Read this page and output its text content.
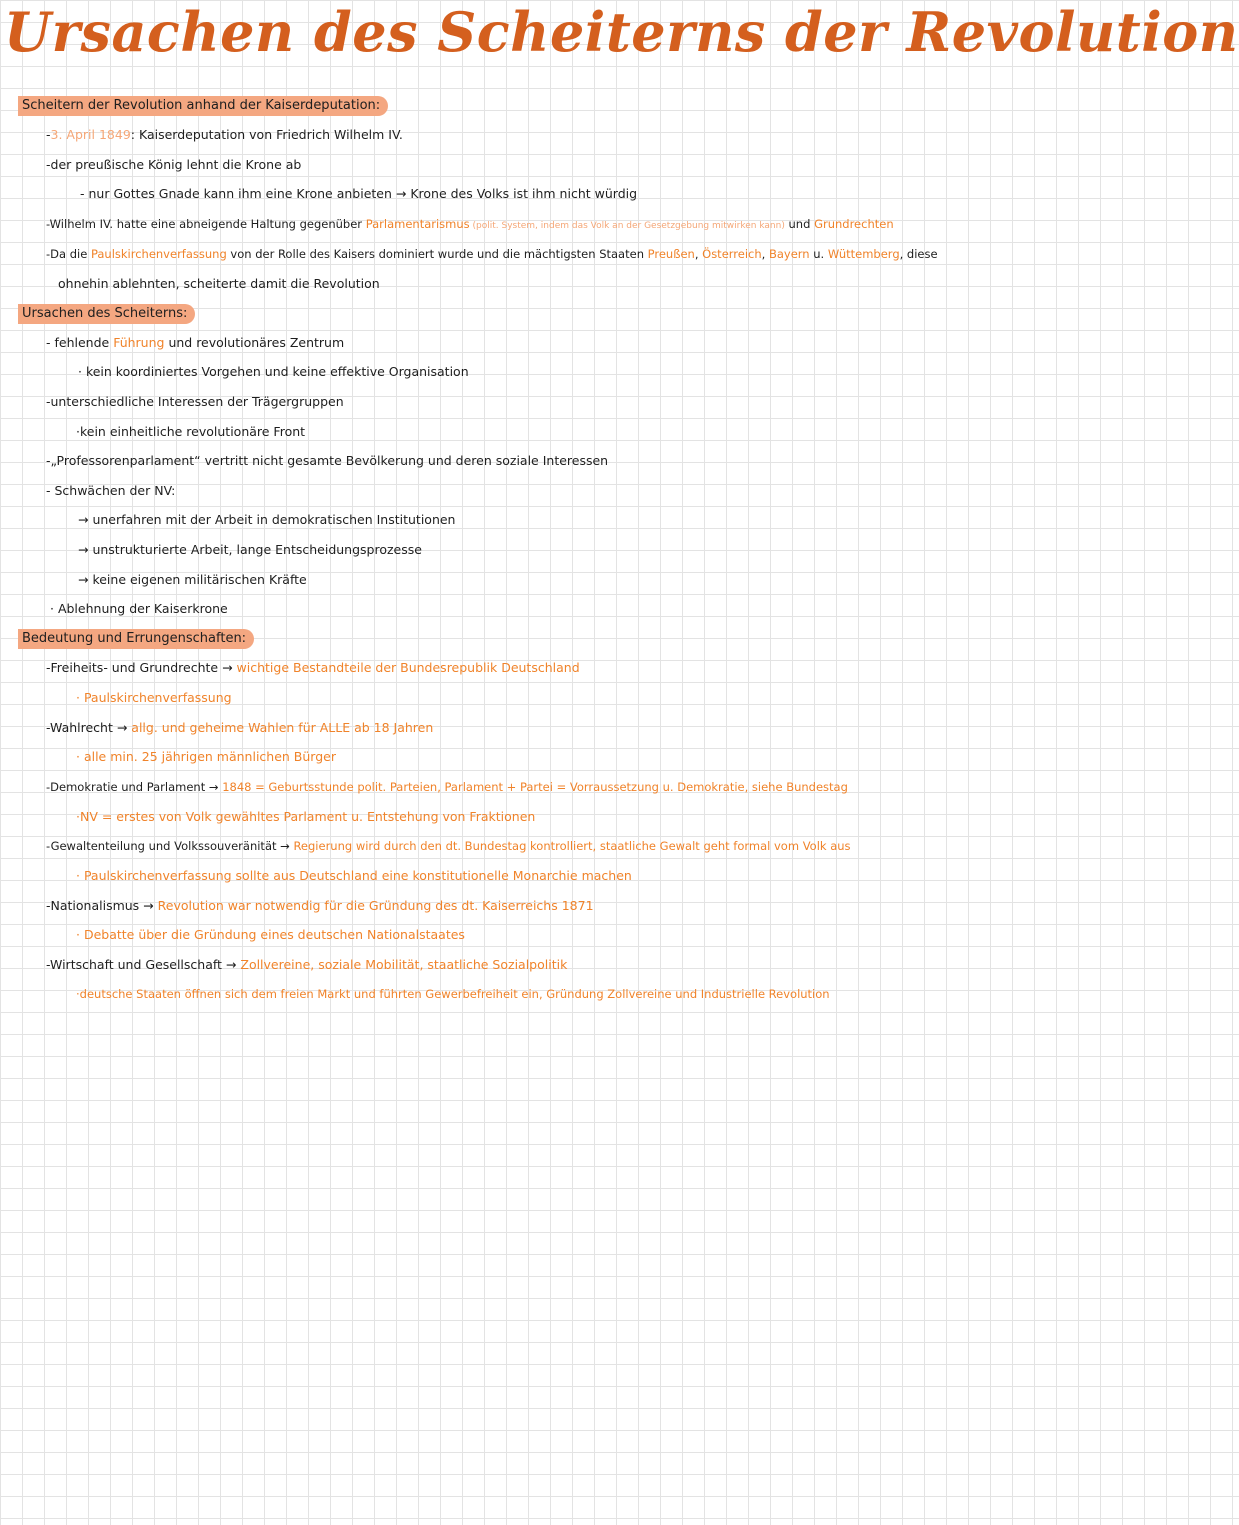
Ursachen des Scheiterns der Revolution
Scheitern der Revolution anhand der Kaiserdeputation:
-3. April 1849: Kaiserdeputation von Friedrich Wilhelm IV.
-der preußische König lehnt die Krone ab
- nur Gottes Gnade kann ihm eine Krone anbieten → Krone des Volks ist ihm nicht würdig
-Wilhelm IV. hatte eine abneigende Haltung gegenüber Parlamentarismus (polit. System, indem das Volk an der Gesetzgebung mitwirken kann) und Grundrechten
-Da die Paulskirchenverfassung von der Rolle des Kaisers dominiert wurde und die mächtigsten Staaten Preußen, Österreich, Bayern u. Wüttemberg, diese
ohnehin ablehnten, scheiterte damit die Revolution
Ursachen des Scheiterns:
- fehlende Führung und revolutionäres Zentrum
· kein koordiniertes Vorgehen und keine effektive Organisation
-unterschiedliche Interessen der Trägergruppen
·kein einheitliche revolutionäre Front
-„Professorenparlament“ vertritt nicht gesamte Bevölkerung und deren soziale Interessen
- Schwächen der NV:
→ unerfahren mit der Arbeit in demokratischen Institutionen
→ unstrukturierte Arbeit, lange Entscheidungsprozesse
→ keine eigenen militärischen Kräfte
· Ablehnung der Kaiserkrone
Bedeutung und Errungenschaften:
-Freiheits- und Grundrechte → wichtige Bestandteile der Bundesrepublik Deutschland
· Paulskirchenverfassung
-Wahlrecht → allg. und geheime Wahlen für ALLE ab 18 Jahren
· alle min. 25 jährigen männlichen Bürger
-Demokratie und Parlament → 1848 = Geburtsstunde polit. Parteien, Parlament + Partei = Vorraussetzung u. Demokratie, siehe Bundestag
·NV = erstes von Volk gewähltes Parlament u. Entstehung von Fraktionen
-Gewaltenteilung und Volkssouveränität → Regierung wird durch den dt. Bundestag kontrolliert, staatliche Gewalt geht formal vom Volk aus
· Paulskirchenverfassung sollte aus Deutschland eine konstitutionelle Monarchie machen
-Nationalismus → Revolution war notwendig für die Gründung des dt. Kaiserreichs 1871
· Debatte über die Gründung eines deutschen Nationalstaates
-Wirtschaft und Gesellschaft → Zollvereine, soziale Mobilität, staatliche Sozialpolitik
·deutsche Staaten öffnen sich dem freien Markt und führten Gewerbefreiheit ein, Gründung Zollvereine und Industrielle Revolution
